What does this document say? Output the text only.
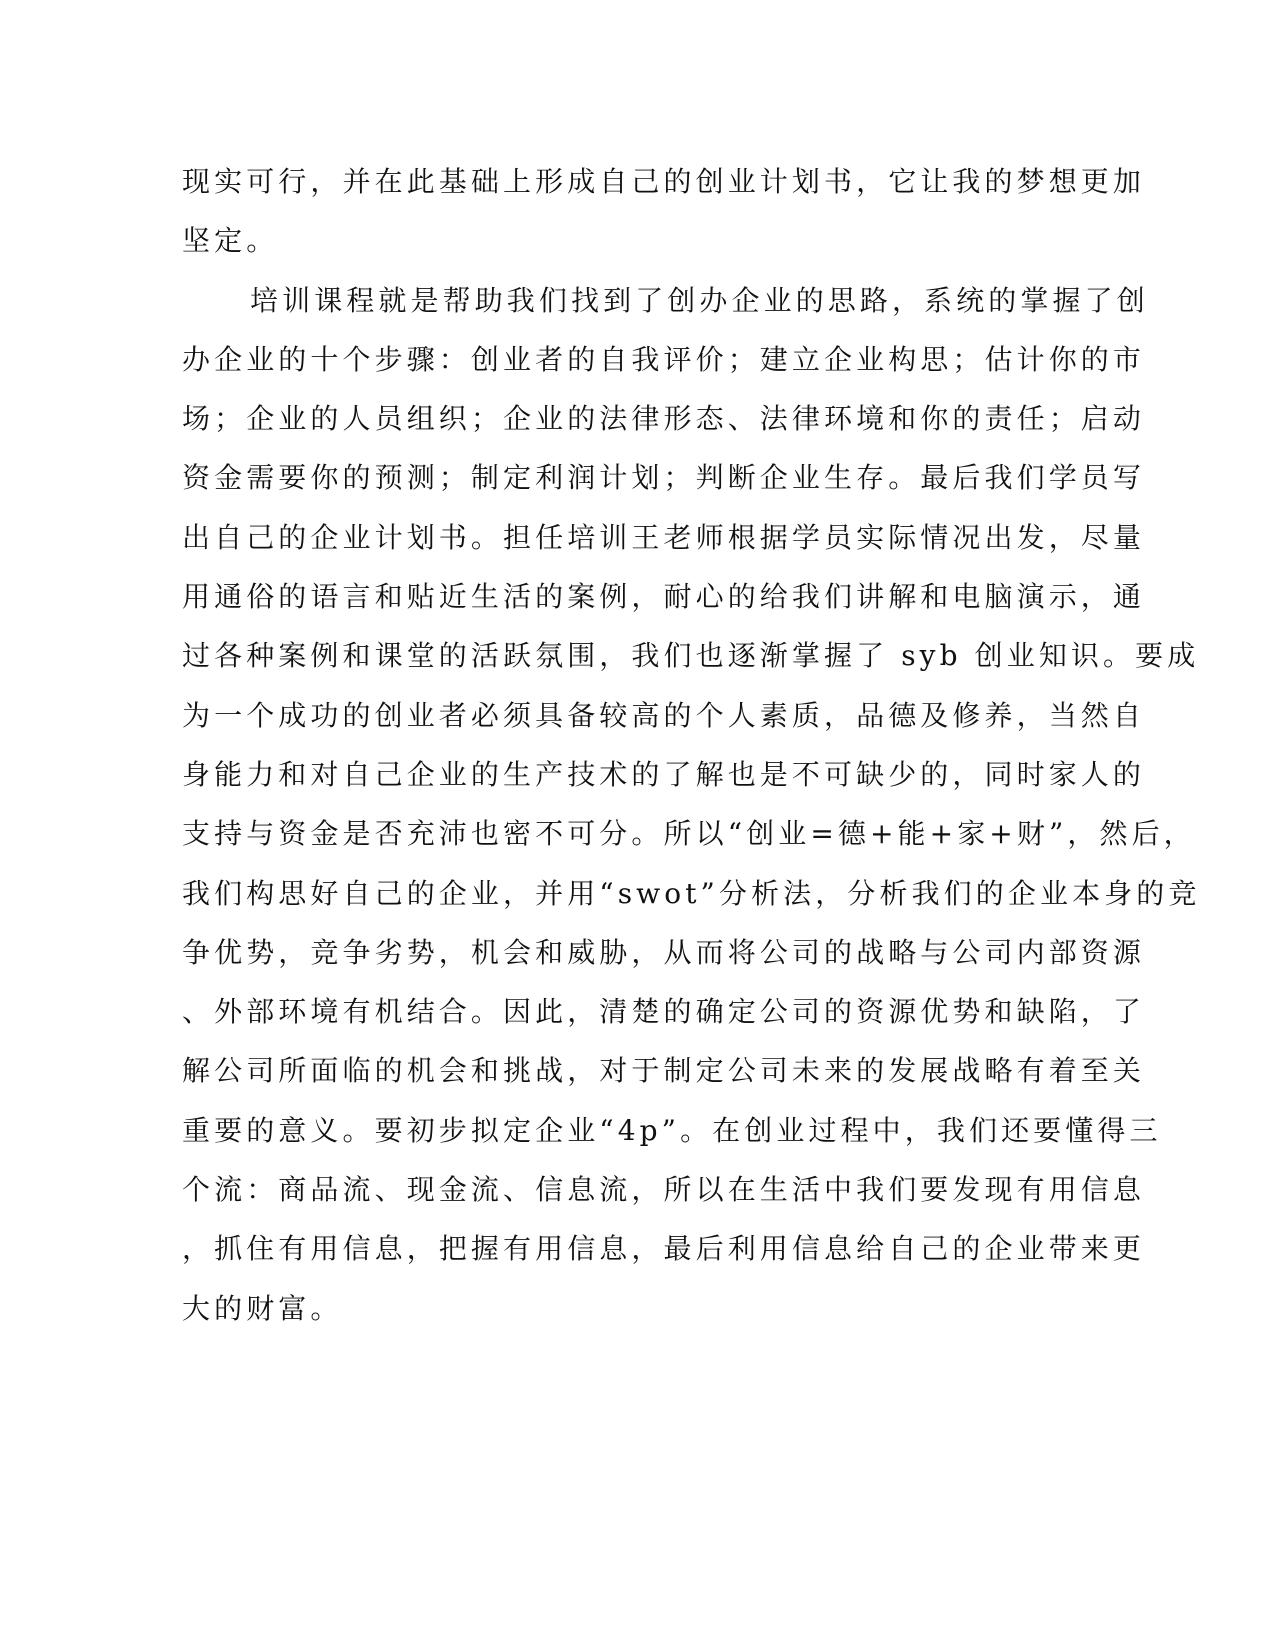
现实可行，并在此基础上形成自己的创业计划书，它让我的梦想更加
坚定。
培训课程就是帮助我们找到了创办企业的思路，系统的掌握了创
办企业的十个步骤：创业者的自我评价；建立企业构思；估计你的市
场；企业的人员组织；企业的法律形态、法律环境和你的责任；启动
资金需要你的预测；制定利润计划；判断企业生存。最后我们学员写
出自己的企业计划书。担任培训王老师根据学员实际情况出发，尽量
用通俗的语言和贴近生活的案例，耐心的给我们讲解和电脑演示，通
过各种案例和课堂的活跃氛围，我们也逐渐掌握了 syb 创业知识。要成
为一个成功的创业者必须具备较高的个人素质，品德及修养，当然自
身能力和对自己企业的生产技术的了解也是不可缺少的，同时家人的
支持与资金是否充沛也密不可分。所以“创业=德+能+家+财”，然后，
我们构思好自己的企业，并用“swot”分析法，分析我们的企业本身的竞
争优势，竞争劣势，机会和威胁，从而将公司的战略与公司内部资源
、外部环境有机结合。因此，清楚的确定公司的资源优势和缺陷，了
解公司所面临的机会和挑战，对于制定公司未来的发展战略有着至关
重要的意义。要初步拟定企业“4p”。在创业过程中，我们还要懂得三
个流：商品流、现金流、信息流，所以在生活中我们要发现有用信息
，抓住有用信息，把握有用信息，最后利用信息给自己的企业带来更
大的财富。
